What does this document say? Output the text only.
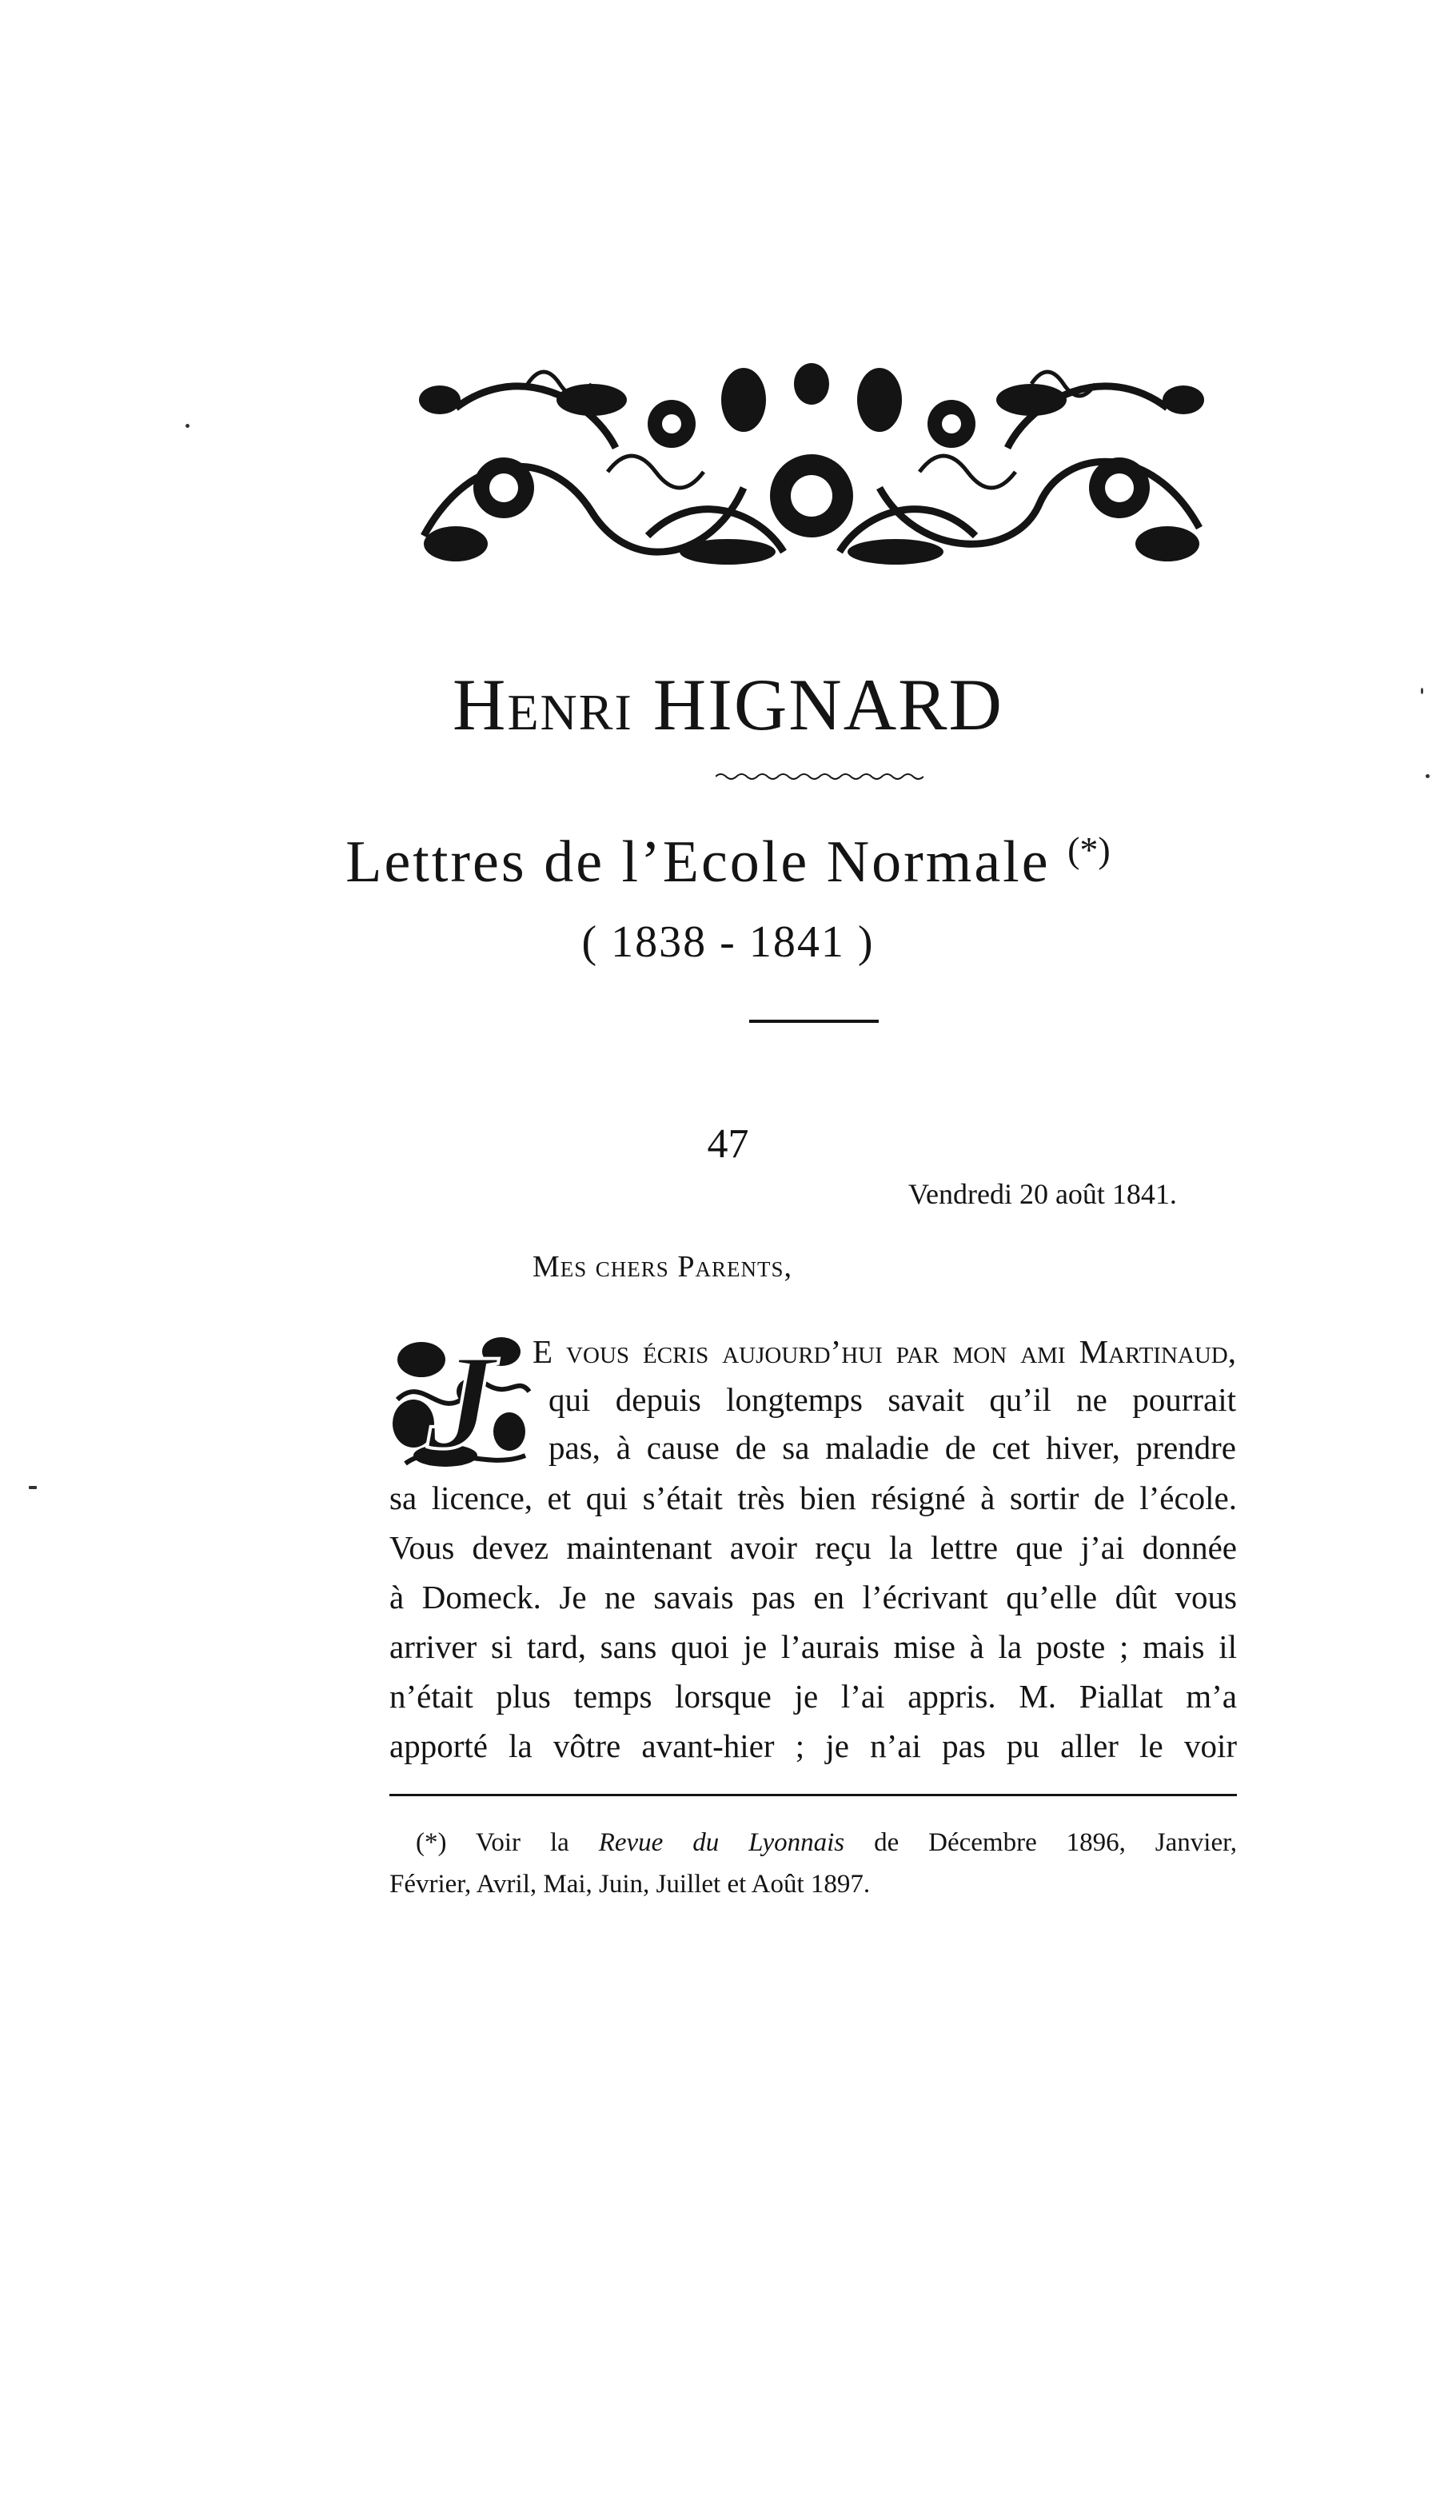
Henri HIGNARD
Lettres de l’Ecole Normale (*)
( 1838 - 1841 )
47
Vendredi 20 août 1841.
Mes chers Parents,
J E vous écris aujourd’hui par mon ami Martinaud,
qui depuis longtemps savait qu’il ne pourrait
pas, à cause de sa maladie de cet hiver, prendre
sa licence, et qui s’était très bien résigné à sortir de l’école.
Vous devez maintenant avoir reçu la lettre que j’ai donnée
à Domeck. Je ne savais pas en l’écrivant qu’elle dût vous
arriver si tard, sans quoi je l’aurais mise à la poste ; mais il
n’était plus temps lorsque je l’ai appris. M. Piallat m’a
apporté la vôtre avant-hier ; je n’ai pas pu aller le voir
(*) Voir la Revue du Lyonnais de Décembre 1896, Janvier,
Février, Avril, Mai, Juin, Juillet et Août 1897.
